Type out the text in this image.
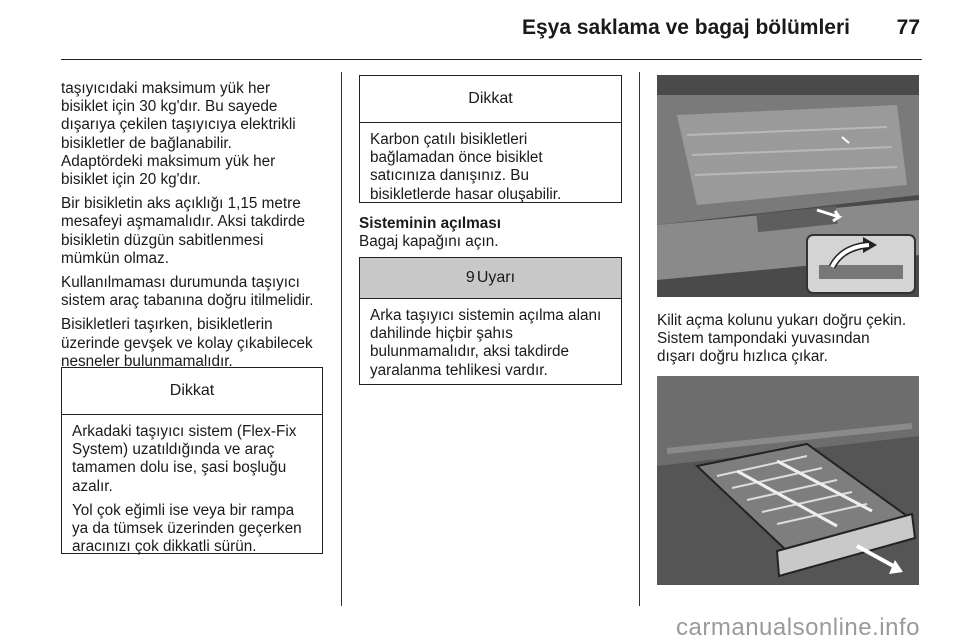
Eşya saklama ve bagaj bölümleri 77

taşıyıcıdaki maksimum yük her
bisiklet için 30 kg'dır. Bu sayede
dışarıya çekilen taşıyıcıya elektrikli
bisikletler de bağlanabilir.
Adaptördeki maksimum yük her
bisiklet için 20 kg'dır.

Bir bisikletin aks açıklığı 1,15 metre
mesafeyi aşmamalıdır. Aksi takdirde
bisikletin düzgün sabitlenmesi
mümkün olmaz.

Kullanılmaması durumunda taşıyıcı
sistem araç tabanına doğru itilmelidir.

Bisikletleri taşırken, bisikletlerin
üzerinde gevşek ve kolay çıkabilecek
nesneler bulunmamalıdır.

Dikkat

Arkadaki taşıyıcı sistem (Flex-Fix
System) uzatıldığında ve araç
tamamen dolu ise, şasi boşluğu
azalır.

Yol çok eğimli ise veya bir rampa
ya da tümsek üzerinden geçerken
aracınızı çok dikkatli sürün.

Dikkat
Karbon çatılı bisikletleri
bağlamadan önce bisiklet
satıcınıza danışınız. Bu
bisikletlerde hasar oluşabilir.
Sisteminin açılması
Bagaj kapağını açın.
9 Uyarı
Arka taşıyıcı sistemin açılma alanı
dahilinde hiçbir şahıs
bulunmamalıdır, aksi takdirde
yaralanma tehlikesi vardır.
Kilit açma kolunu yukarı doğru çekin.
Sistem tampondaki yuvasından
dışarı doğru hızlıca çıkar.
carmanualsonline.info
